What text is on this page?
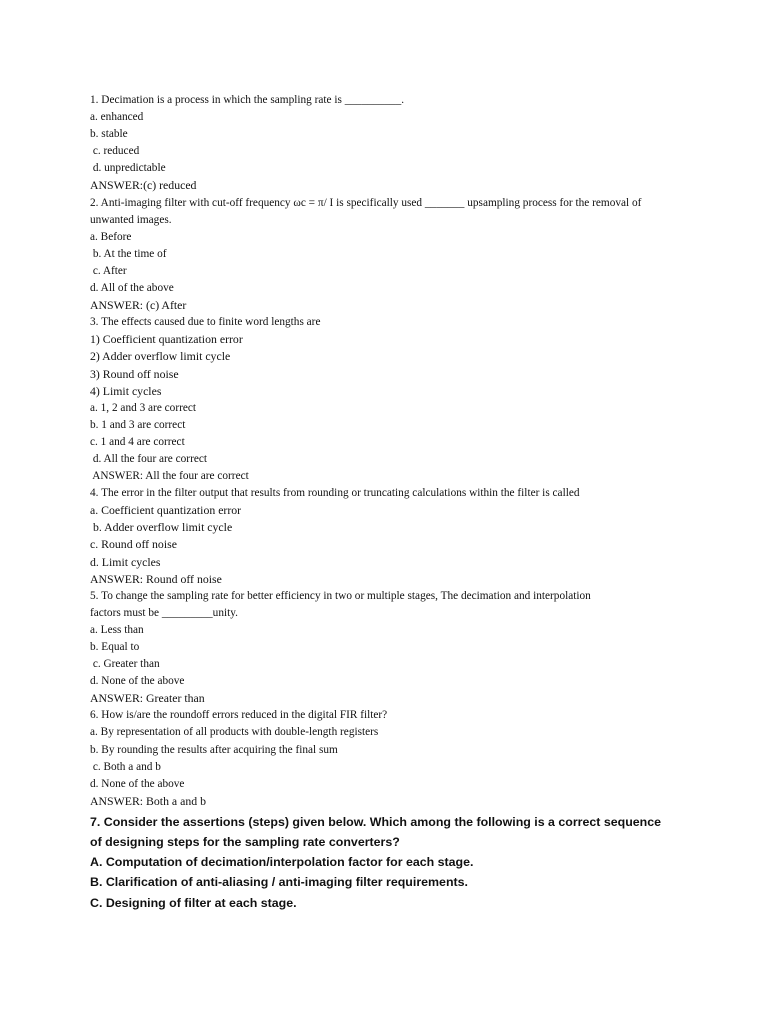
1. Decimation is a process in which the sampling rate is __________.
a. enhanced
b. stable
c. reduced
d. unpredictable
ANSWER:(c) reduced
2. Anti-imaging filter with cut-off frequency ωc = π/ I is specifically used _______ upsampling process for the removal of unwanted images.
a. Before
b. At the time of
c. After
d. All of the above
ANSWER: (c) After
3. The effects caused due to finite word lengths are
1) Coefficient quantization error
2) Adder overflow limit cycle
3) Round off noise
4) Limit cycles
a. 1, 2 and 3 are correct
b. 1 and 3 are correct
c. 1 and 4 are correct
d. All the four are correct
ANSWER: All the four are correct
4. The error in the filter output that results from rounding or truncating calculations within the filter is called
a. Coefficient quantization error
b. Adder overflow limit cycle
c. Round off noise
d. Limit cycles
ANSWER: Round off noise
5. To change the sampling rate for better efficiency in two or multiple stages, The decimation and interpolation
factors must be _________unity.
a. Less than
b. Equal to
c. Greater than
d. None of the above
ANSWER: Greater than
6. How is/are the roundoff errors reduced in the digital FIR filter?
a. By representation of all products with double-length registers
b. By rounding the results after acquiring the final sum
c. Both a and b
d. None of the above
ANSWER: Both a and b
7. Consider the assertions (steps) given below. Which among the following is a correct sequence of designing steps for the sampling rate converters?
A. Computation of decimation/interpolation factor for each stage.
B. Clarification of anti-aliasing / anti-imaging filter requirements.
C. Designing of filter at each stage.
